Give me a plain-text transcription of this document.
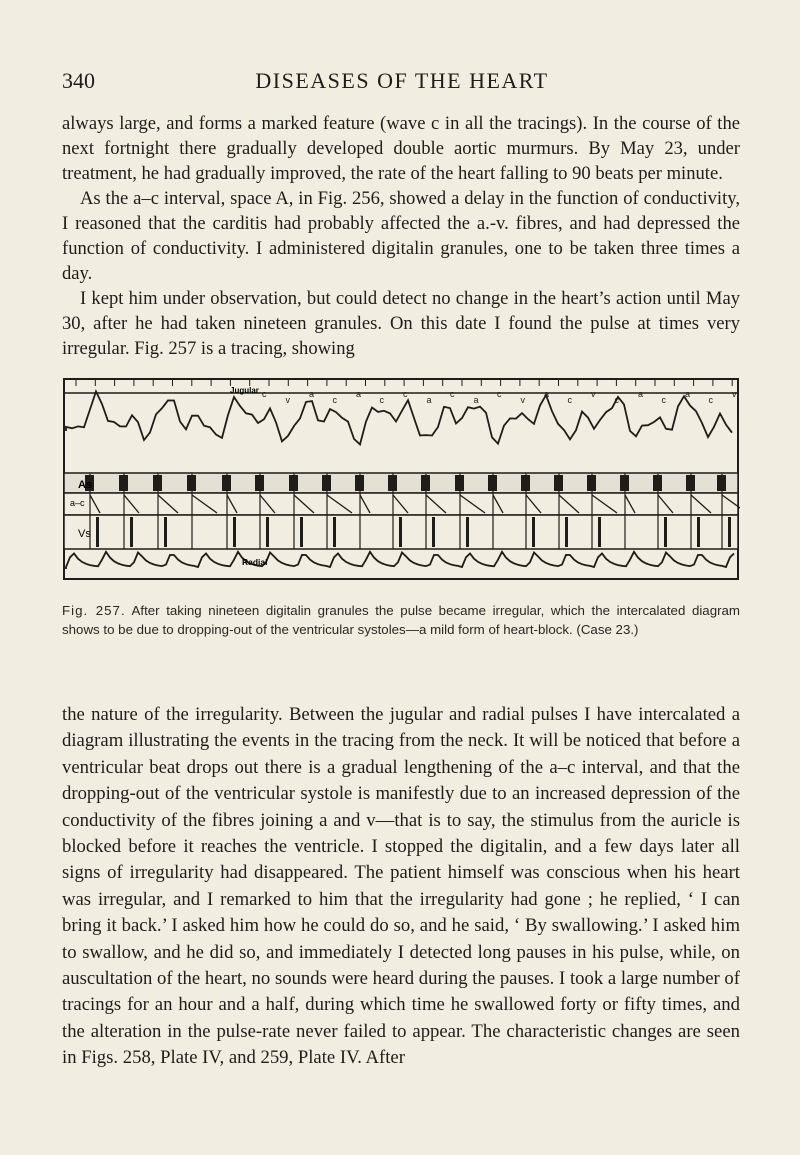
340	DISEASES OF THE HEART

always large, and forms a marked feature (wave c in all the tracings). In the course of the next fortnight there gradually developed double aortic murmurs. By May 23, under treatment, he had gradually improved, the rate of the heart falling to 90 beats per minute.

As the a–c interval, space A, in Fig. 256, showed a delay in the function of conductivity, I reasoned that the carditis had probably affected the a.-v. fibres, and had depressed the function of conductivity. I administered digitalin granules, one to be taken three times a day.

I kept him under observation, but could detect no change in the heart’s action until May 30, after he had taken nineteen granules. On this date I found the pulse at times very irregular. Fig. 257 is a tracing, showing

c
v
a
c
a
c
c
a
c
a
c
v
a
c
v
c
a
c
a
c
v
Jugular
As
a–c
Vs
Radial
Fig. 257. After taking nineteen digitalin granules the pulse became irregular, which the intercalated diagram shows to be due to dropping-out of the ventricular systoles—a mild form of heart-block. (Case 23.)

the nature of the irregularity. Between the jugular and radial pulses I have intercalated a diagram illustrating the events in the tracing from the neck. It will be noticed that before a ventricular beat drops out there is a gradual lengthening of the a–c interval, and that the dropping-out of the ventricular systole is manifestly due to an increased depression of the conductivity of the fibres joining a and v—that is to say, the stimulus from the auricle is blocked before it reaches the ventricle. I stopped the digitalin, and a few days later all signs of irregularity had disappeared. The patient himself was conscious when his heart was irregular, and I remarked to him that the irregularity had gone ; he replied, ‘ I can bring it back.’ I asked him how he could do so, and he said, ‘ By swallowing.’ I asked him to swallow, and he did so, and immediately I detected long pauses in his pulse, while, on auscultation of the heart, no sounds were heard during the pauses. I took a large number of tracings for an hour and a half, during which time he swallowed forty or fifty times, and the alteration in the pulse-rate never failed to appear. The characteristic changes are seen in Figs. 258, Plate IV, and 259, Plate IV. After
